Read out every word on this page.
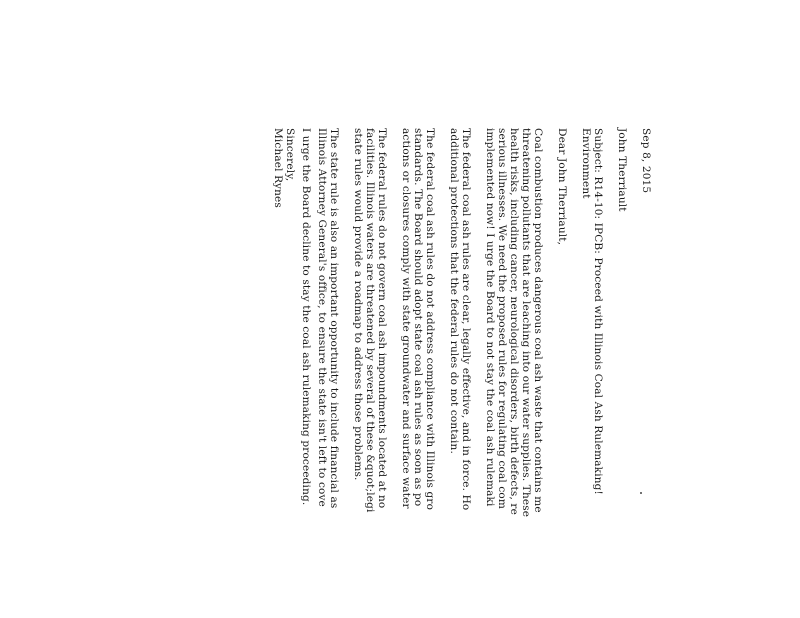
Sep 8, 2015
John Therriault
Subject: R14-10: IPCB: Proceed with Illinois Coal Ash Rulemaking!
Environment
Dear John Therriault,
Coal combustion produces dangerous coal ash waste that contains me
threatening pollutants that are leaching into our water supplies. These
health risks, including cancer, neurological disorders, birth defects, re
serious illnesses. We need the proposed rules for regulating coal com
implemented now! I urge the Board to not stay the coal ash rulemaki
The federal coal ash rules are clear, legally effective, and in force. Ho
additional protections that the federal rules do not contain.
The federal coal ash rules do not address compliance with Illinois gro
standards. The Board should adopt state coal ash rules as soon as po
actions or closures comply with state groundwater and surface water
The federal rules do not govern coal ash impoundments located at no
facilities. Illinois waters are threatened by several of these &quot;legi
state rules would provide a roadmap to address those problems.
The state rule is also an important opportunity to include financial as
Illinois Attorney General's office, to ensure the state isn't left to cove
I urge the Board decline to stay the coal ash rulemaking proceeding.
Sincerely,
Michael Rynes
